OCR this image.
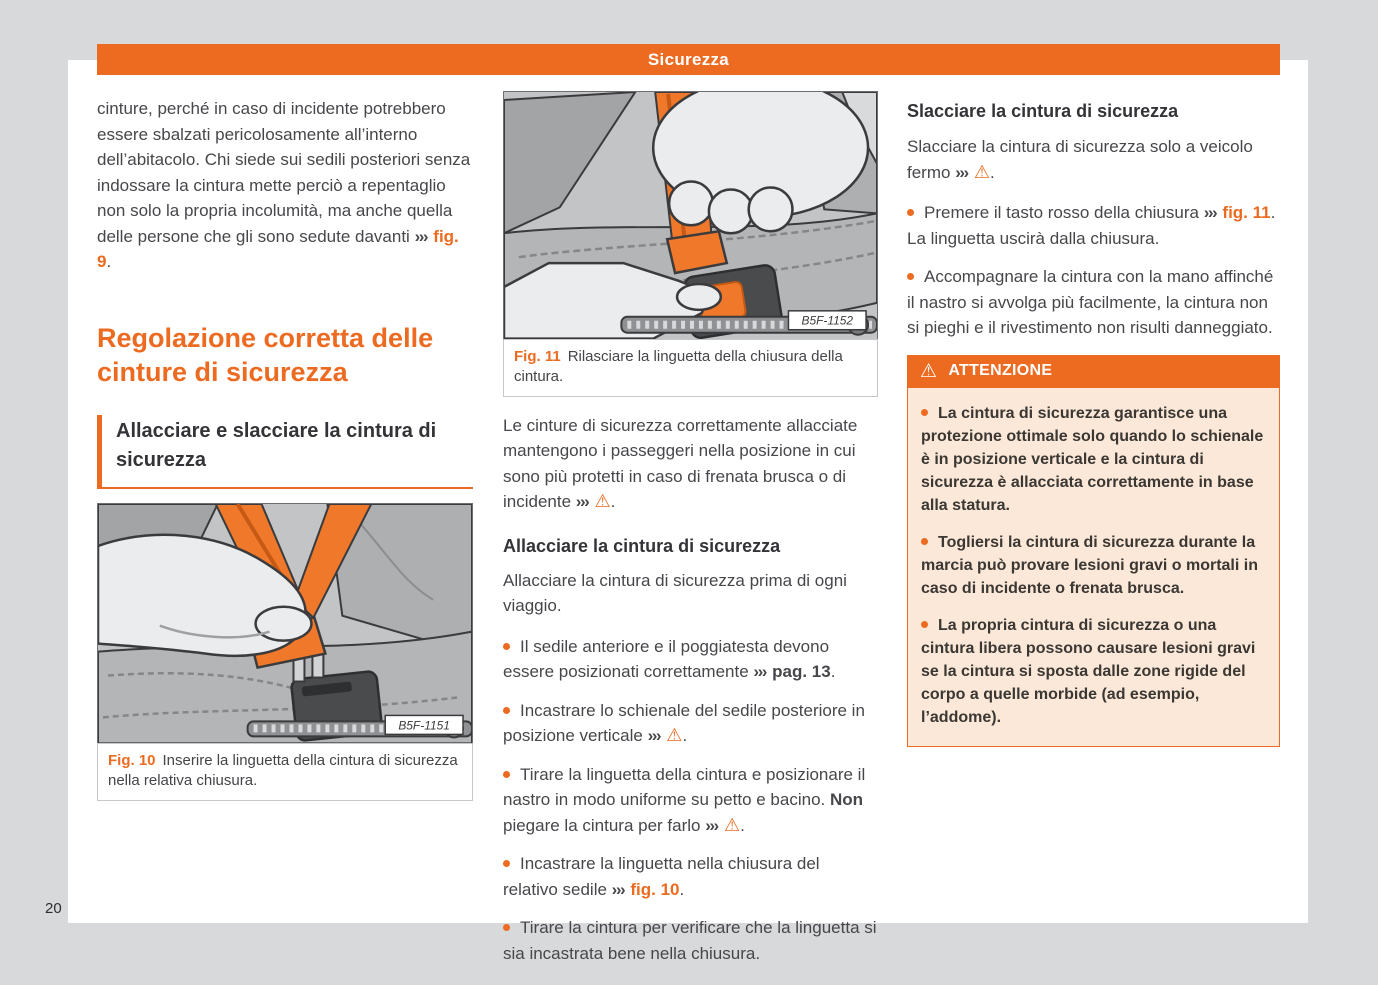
Sicurezza

cinture, perché in caso di incidente potrebbero essere sbalzati pericolosamente all’interno dell’abitacolo. Chi siede sui sedili posteriori senza indossare la cintura mette perciò a repentaglio non solo la propria incolumità, ma anche quella delle persone che gli sono sedute davanti ››› fig. 9.

Regolazione corretta delle cinture di sicurezza
Allacciare e slacciare la cintura di sicurezza
B5F-1151
Fig. 10 Inserire la linguetta della cintura di sicurezza nella relativa chiusura.
B5F-1152
Fig. 11 Rilasciare la linguetta della chiusura della cintura.

Le cinture di sicurezza correttamente allacciate mantengono i passeggeri nella posizione in cui sono più protetti in caso di frenata brusca o di incidente ››› ⚠.

Allacciare la cintura di sicurezza

Allacciare la cintura di sicurezza prima di ogni viaggio.

Il sedile anteriore e il poggiatesta devono essere posizionati correttamente ››› pag. 13.

Incastrare lo schienale del sedile posteriore in posizione verticale ››› ⚠.

Tirare la linguetta della cintura e posizionare il nastro in modo uniforme su petto e bacino. Non piegare la cintura per farlo ››› ⚠.

Incastrare la linguetta nella chiusura del relativo sedile ››› fig. 10.

Tirare la cintura per verificare che la linguetta si sia incastrata bene nella chiusura.

Slacciare la cintura di sicurezza

Slacciare la cintura di sicurezza solo a veicolo fermo ››› ⚠.

Premere il tasto rosso della chiusura ››› fig. 11. La linguetta uscirà dalla chiusura.

Accompagnare la cintura con la mano affinché il nastro si avvolga più facilmente, la cintura non si pieghi e il rivestimento non risulti danneggiato.

⚠ ATTENZIONE

La cintura di sicurezza garantisce una protezione ottimale solo quando lo schienale è in posizione verticale e la cintura di sicurezza è allacciata correttamente in base alla statura.

Togliersi la cintura di sicurezza durante la marcia può provare lesioni gravi o mortali in caso di incidente o frenata brusca.

La propria cintura di sicurezza o una cintura libera possono causare lesioni gravi se la cintura si sposta dalle zone rigide del corpo a quelle morbide (ad esempio, l’addome).

20
